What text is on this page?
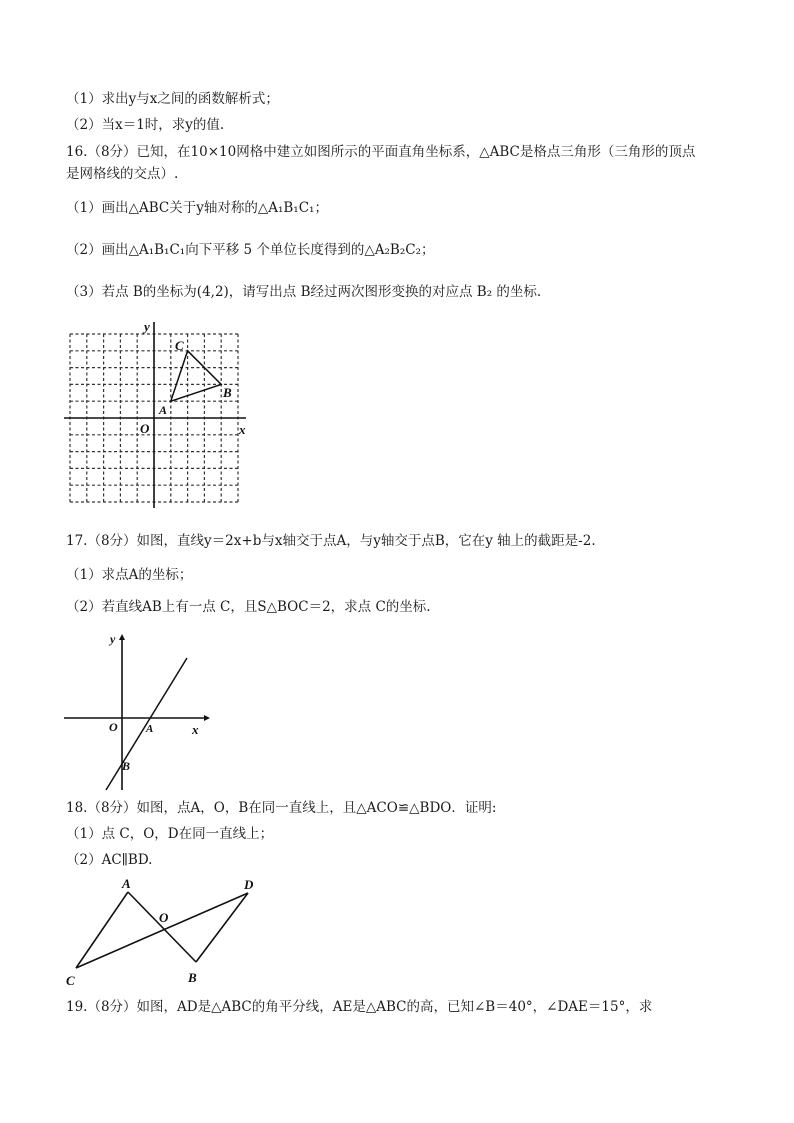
（1）求出y与x之间的函数解析式；
（2）当x＝1时，求y的值.
16.（8分）已知，在10×10网格中建立如图所示的平面直角坐标系，△ABC是格点三角形（三角形的顶点
是网格线的交点）.
（1）画出△ABC关于y轴对称的△A₁B₁C₁；
（2）画出△A₁B₁C₁向下平移 5 个单位长度得到的△A₂B₂C₂；
（3）若点 B的坐标为(4,2)，请写出点 B经过两次图形变换的对应点 B₂ 的坐标.
y
x
O
A
B
C
17.（8分）如图，直线y＝2x+b与x轴交于点A，与y轴交于点B，它在y 轴上的截距是-2.
（1）求点A的坐标；
（2）若直线AB上有一点 C，且S△BOC＝2，求点 C的坐标.
y
x
O	A
B
18.（8分）如图，点A，O，B在同一直线上，且△ACO≌△BDO．证明:
（1）点 C，O，D在同一直线上；
（2）AC∥BD.
A	D
O
C	B
19.（8分）如图，AD是△ABC的角平分线，AE是△ABC的高，已知∠B＝40°，∠DAE＝15°，求
